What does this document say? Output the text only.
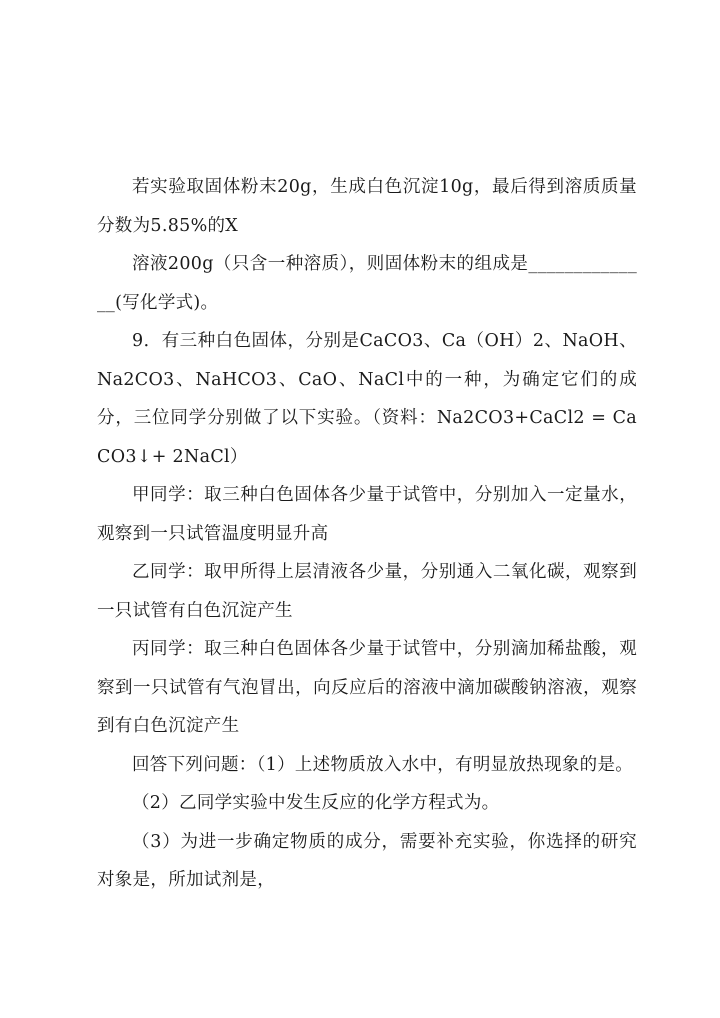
若实验取固体粉末20g，生成白色沉淀10g，最后得到溶质质量分数为5.85%的X

溶液200g（只含一种溶质），则固体粉末的组成是______________(写化学式)。

9．有三种白色固体，分别是CaCO3、Ca（OH）2、NaOH、Na2CO3、NaHCO3、CaO、NaCl中的一种，为确定它们的成分，三位同学分别做了以下实验。（资料：Na2CO3+CaCl2 = CaCO3↓+ 2NaCl）

甲同学：取三种白色固体各少量于试管中，分别加入一定量水，观察到一只试管温度明显升高

乙同学：取甲所得上层清液各少量，分别通入二氧化碳，观察到一只试管有白色沉淀产生

丙同学：取三种白色固体各少量于试管中，分别滴加稀盐酸，观察到一只试管有气泡冒出，向反应后的溶液中滴加碳酸钠溶液，观察到有白色沉淀产生

回答下列问题：（1）上述物质放入水中，有明显放热现象的是。

（2）乙同学实验中发生反应的化学方程式为。

（3）为进一步确定物质的成分，需要补充实验，你选择的研究对象是，所加试剂是，
